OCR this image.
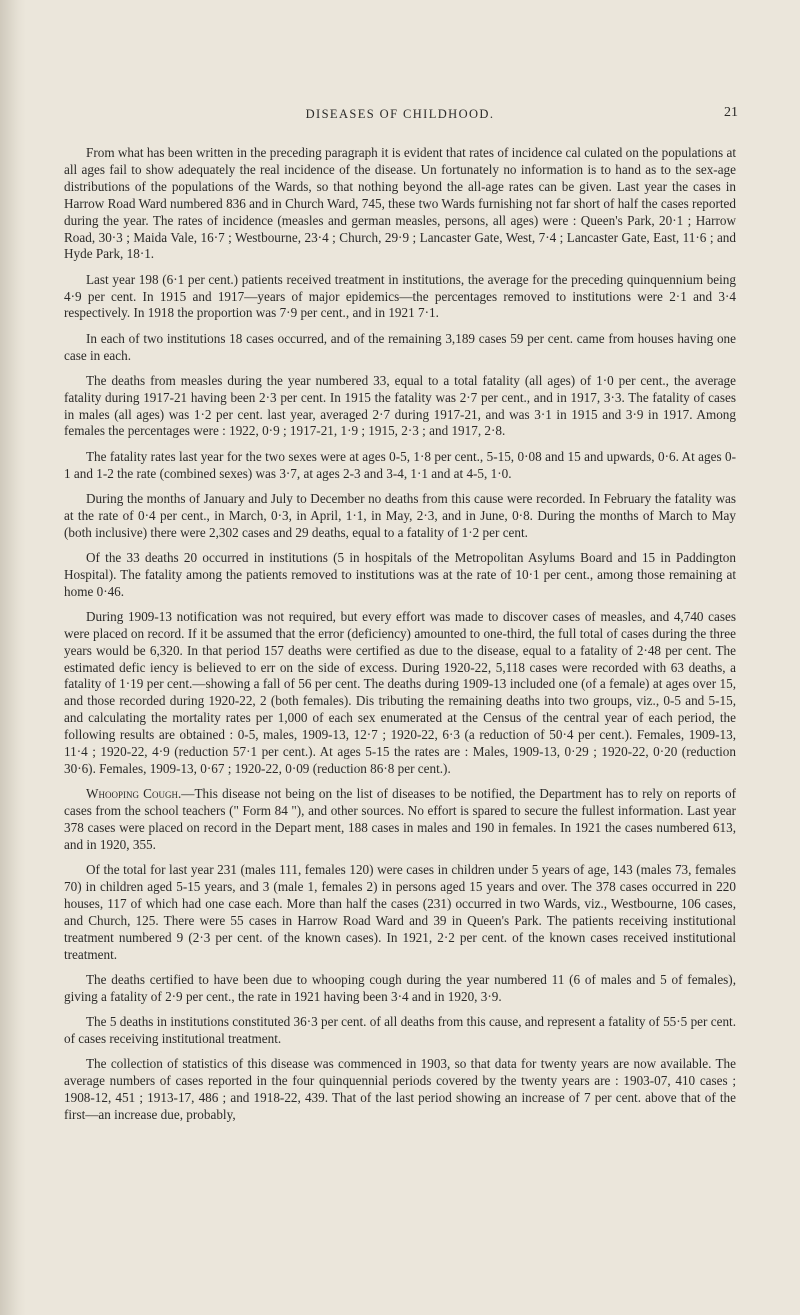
DISEASES OF CHILDHOOD.	21

From what has been written in the preceding paragraph it is evident that rates of incidence cal culated on the populations at all ages fail to show adequately the real incidence of the disease. Un fortunately no information is to hand as to the sex-age distributions of the populations of the Wards, so that nothing beyond the all-age rates can be given. Last year the cases in Harrow Road Ward numbered 836 and in Church Ward, 745, these two Wards furnishing not far short of half the cases reported during the year. The rates of incidence (measles and german measles, persons, all ages) were : Queen's Park, 20·1 ; Harrow Road, 30·3 ; Maida Vale, 16·7 ; Westbourne, 23·4 ; Church, 29·9 ; Lancaster Gate, West, 7·4 ; Lancaster Gate, East, 11·6 ; and Hyde Park, 18·1.

Last year 198 (6·1 per cent.) patients received treatment in institutions, the average for the preceding quinquennium being 4·9 per cent. In 1915 and 1917—years of major epidemics—the percentages removed to institutions were 2·1 and 3·4 respectively. In 1918 the proportion was 7·9 per cent., and in 1921 7·1.

In each of two institutions 18 cases occurred, and of the remaining 3,189 cases 59 per cent. came from houses having one case in each.

The deaths from measles during the year numbered 33, equal to a total fatality (all ages) of 1·0 per cent., the average fatality during 1917-21 having been 2·3 per cent. In 1915 the fatality was 2·7 per cent., and in 1917, 3·3. The fatality of cases in males (all ages) was 1·2 per cent. last year, averaged 2·7 during 1917-21, and was 3·1 in 1915 and 3·9 in 1917. Among females the percentages were : 1922, 0·9 ; 1917-21, 1·9 ; 1915, 2·3 ; and 1917, 2·8.

The fatality rates last year for the two sexes were at ages 0-5, 1·8 per cent., 5-15, 0·08 and 15 and upwards, 0·6. At ages 0-1 and 1-2 the rate (combined sexes) was 3·7, at ages 2-3 and 3-4, 1·1 and at 4-5, 1·0.

During the months of January and July to December no deaths from this cause were recorded. In February the fatality was at the rate of 0·4 per cent., in March, 0·3, in April, 1·1, in May, 2·3, and in June, 0·8. During the months of March to May (both inclusive) there were 2,302 cases and 29 deaths, equal to a fatality of 1·2 per cent.

Of the 33 deaths 20 occurred in institutions (5 in hospitals of the Metropolitan Asylums Board and 15 in Paddington Hospital). The fatality among the patients removed to institutions was at the rate of 10·1 per cent., among those remaining at home 0·46.

During 1909-13 notification was not required, but every effort was made to discover cases of measles, and 4,740 cases were placed on record. If it be assumed that the error (deficiency) amounted to one-third, the full total of cases during the three years would be 6,320. In that period 157 deaths were certified as due to the disease, equal to a fatality of 2·48 per cent. The estimated defic iency is believed to err on the side of excess. During 1920-22, 5,118 cases were recorded with 63 deaths, a fatality of 1·19 per cent.—showing a fall of 56 per cent. The deaths during 1909-13 included one (of a female) at ages over 15, and those recorded during 1920-22, 2 (both females). Dis tributing the remaining deaths into two groups, viz., 0-5 and 5-15, and calculating the mortality rates per 1,000 of each sex enumerated at the Census of the central year of each period, the following results are obtained : 0-5, males, 1909-13, 12·7 ; 1920-22, 6·3 (a reduction of 50·4 per cent.). Females, 1909-13, 11·4 ; 1920-22, 4·9 (reduction 57·1 per cent.). At ages 5-15 the rates are : Males, 1909-13, 0·29 ; 1920-22, 0·20 (reduction 30·6). Females, 1909-13, 0·67 ; 1920-22, 0·09 (reduction 86·8 per cent.).

Whooping Cough.—This disease not being on the list of diseases to be notified, the Department has to rely on reports of cases from the school teachers (" Form 84 "), and other sources. No effort is spared to secure the fullest information. Last year 378 cases were placed on record in the Depart ment, 188 cases in males and 190 in females. In 1921 the cases numbered 613, and in 1920, 355.

Of the total for last year 231 (males 111, females 120) were cases in children under 5 years of age, 143 (males 73, females 70) in children aged 5-15 years, and 3 (male 1, females 2) in persons aged 15 years and over. The 378 cases occurred in 220 houses, 117 of which had one case each. More than half the cases (231) occurred in two Wards, viz., Westbourne, 106 cases, and Church, 125. There were 55 cases in Harrow Road Ward and 39 in Queen's Park. The patients receiving institutional treatment numbered 9 (2·3 per cent. of the known cases). In 1921, 2·2 per cent. of the known cases received institutional treatment.

The deaths certified to have been due to whooping cough during the year numbered 11 (6 of males and 5 of females), giving a fatality of 2·9 per cent., the rate in 1921 having been 3·4 and in 1920, 3·9.

The 5 deaths in institutions constituted 36·3 per cent. of all deaths from this cause, and represent a fatality of 55·5 per cent. of cases receiving institutional treatment.

The collection of statistics of this disease was commenced in 1903, so that data for twenty years are now available. The average numbers of cases reported in the four quinquennial periods covered by the twenty years are : 1903-07, 410 cases ; 1908-12, 451 ; 1913-17, 486 ; and 1918-22, 439. That of the last period showing an increase of 7 per cent. above that of the first—an increase due, probably,
